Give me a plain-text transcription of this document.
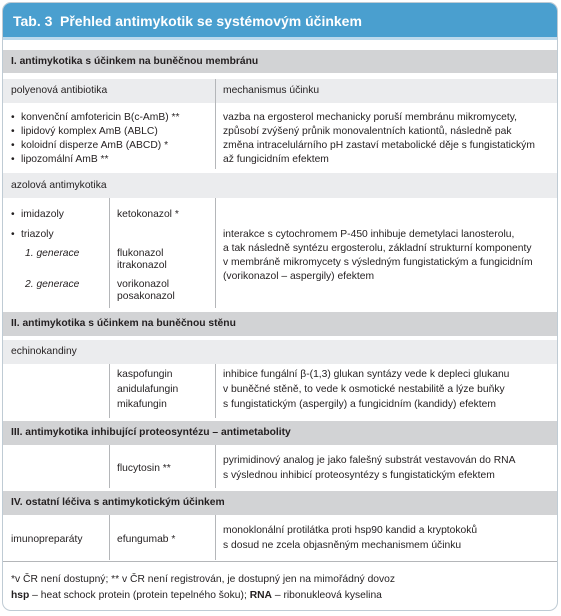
Tab. 3 Přehled antimykotik se systémovým účinkem
I. antimykotika s účinkem na buněčnou membránu
polyenová antibiotika	mechanismus účinku
• konvenční amfotericin B(c-AmB) **
• lipidový komplex AmB (ABLC)
• koloidní disperze AmB (ABCD) *
• lipozomální AmB **
vazba na ergosterol mechanicky poruší membránu mikromycety,
způsobí zvýšený průnik monovalentních kationtů, následně pak
změna intracelulárního pH zastaví metabolické děje s fungistatickým
až fungicidním efektem
azolová antimykotika
• imidazoly
• triazoly
1. generace
2. generace
ketokonazol *
flukonazol
itrakonazol
vorikonazol
posakonazol
interakce s cytochromem P-450 inhibuje demetylaci lanosterolu,
a tak následně syntézu ergosterolu, základní strukturní komponenty
v membráně mikromycety s výsledným fungistatickým a fungicidním
(vorikonazol – aspergily) efektem
II. antimykotika s účinkem na buněčnou stěnu
echinokandiny
kaspofungin
anidulafungin
mikafungin
inhibice fungální β-(1,3) glukan syntázy vede k depleci glukanu
v buněčné stěně, to vede k osmotické nestabilitě a lýze buňky
s fungistatickým (aspergily) a fungicidním (kandidy) efektem
III. antimykotika inhibující proteosyntézu – antimetabolity
flucytosin **
pyrimidinový analog je jako falešný substrát vestavován do RNA
s výslednou inhibicí proteosyntézy s fungistatickým efektem
IV. ostatní léčiva s antimykotickým účinkem
imunopreparáty	efungumab *
monoklonální protilátka proti hsp90 kandid a kryptokoků
s dosud ne zcela objasněným mechanismem účinku
*v ČR není dostupný; ** v ČR není registrován, je dostupný jen na mimořádný dovoz
hsp – heat schock protein (protein tepelného šoku); RNA – ribonukleová kyselina
